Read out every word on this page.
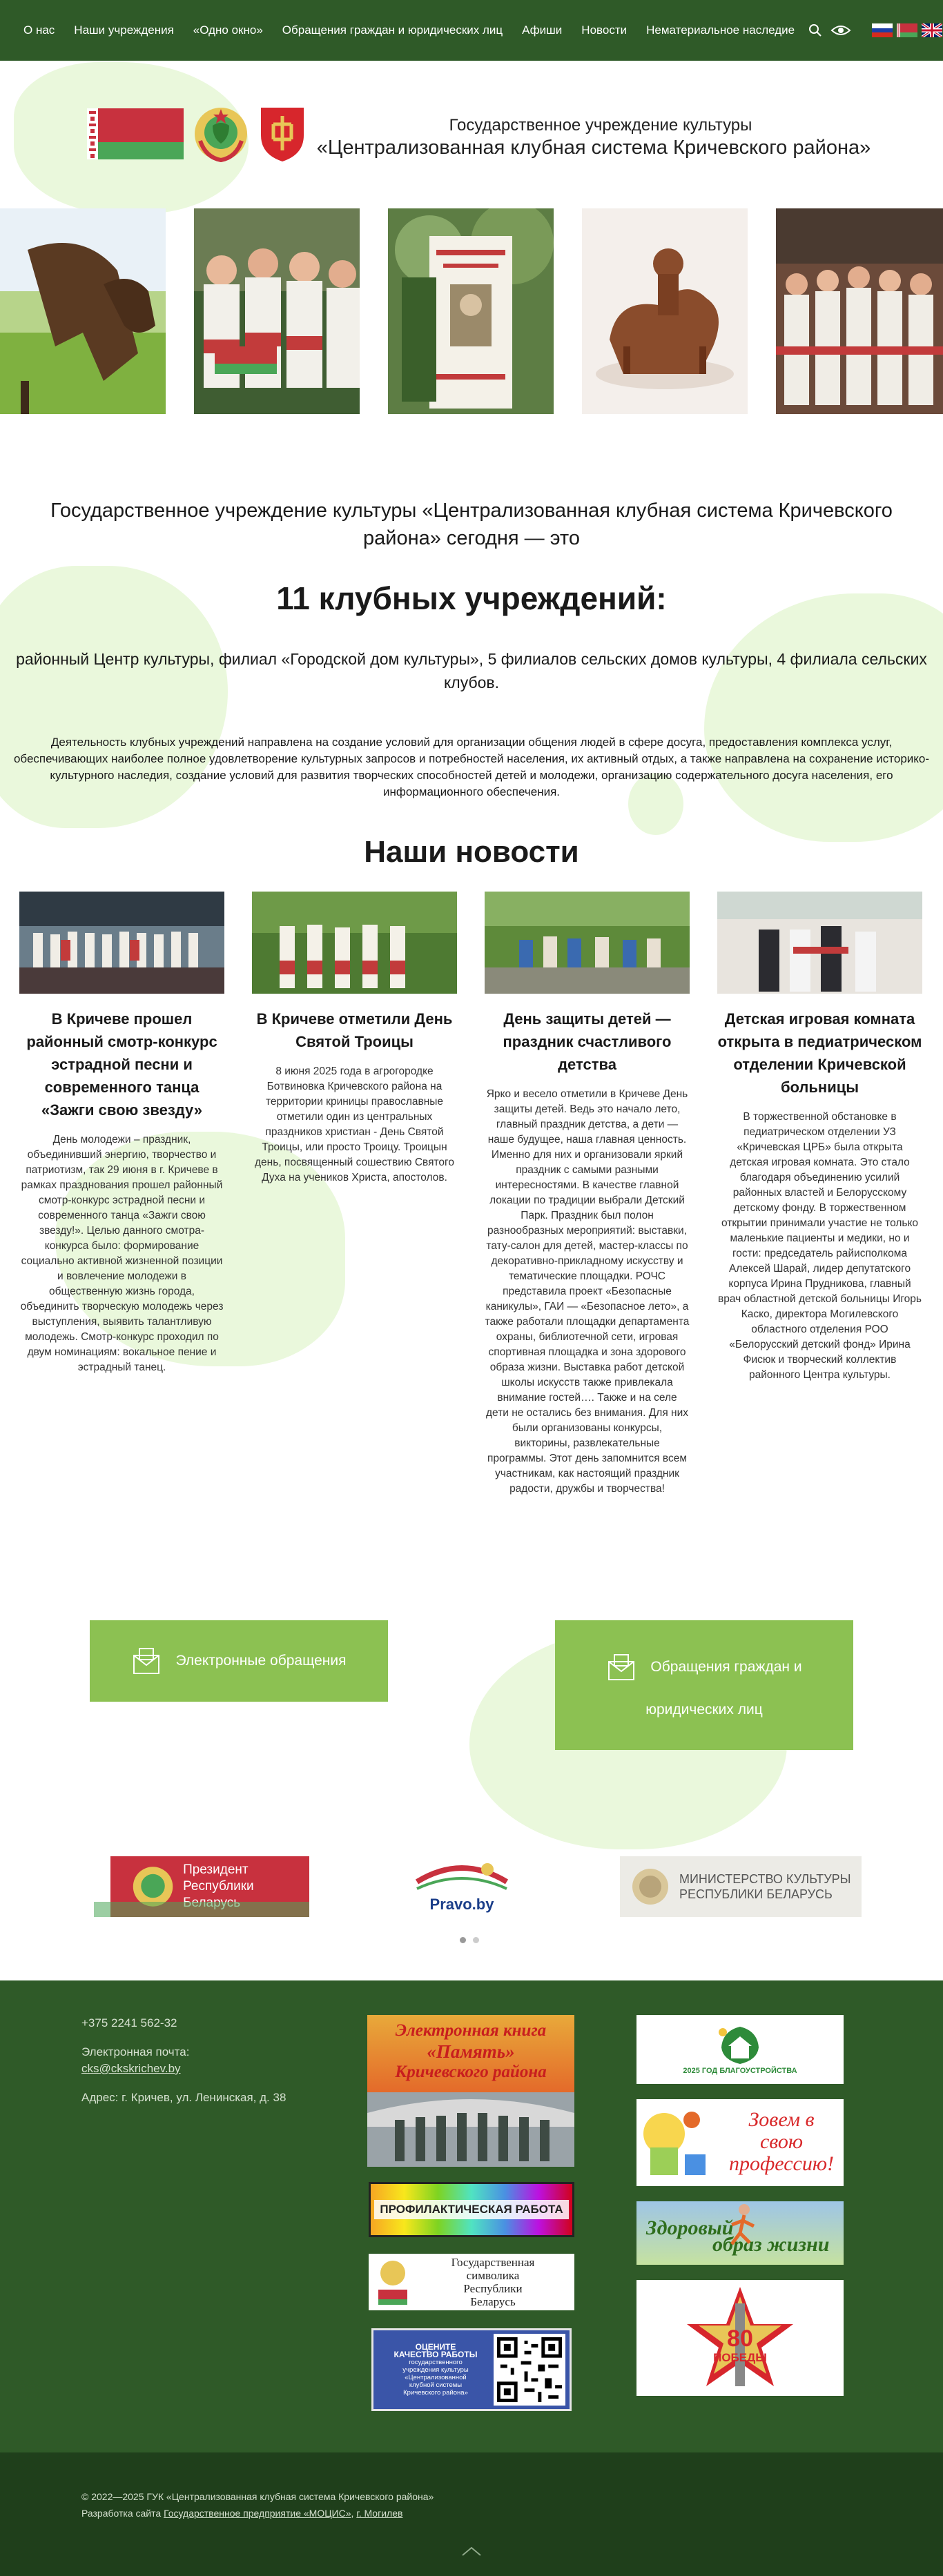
О нас Наши учреждения «Одно окно» Обращения граждан и юридических лиц Афиши Новости Нематериальное наследие
Государственное учреждение культуры
«Централизованная клубная система Кричевского района»

Государственное учреждение культуры «Централизованная клубная система Кричевского района» сегодня — это

11 клубных учреждений:

районный Центр культуры, филиал «Городской дом культуры», 5 филиалов сельских домов культуры, 4 филиала сельских клубов.

Деятельность клубных учреждений направлена на создание условий для организации общения людей в сфере досуга, предоставления комплекса услуг, обеспечивающих наиболее полное удовлетворение культурных запросов и потребностей населения, их активный отдых, а также направлена на сохранение историко-культурного наследия, создание условий для развития творческих способностей детей и молодежи, организацию содержательного досуга населения, его информационного обеспечения.

Наши новости
В Кричеве прошел районный смотр-конкурс эстрадной песни и современного танца «Зажги свою звезду»

День молодежи – праздник, объединивший энергию, творчество и патриотизм, так 29 июня в г. Кричеве в рамках празднования прошел районный смотр-конкурс эстрадной песни и современного танца «Зажги свою звезду!». Целью данного смотра-конкурса было: формирование социально активной жизненной позиции и вовлечение молодежи в общественную жизнь города, объединить творческую молодежь через выступления, выявить талантливую молодежь. Смотр-конкурс проходил по двум номинациям: вокальное пение и эстрадный танец.

В Кричеве отметили День Святой Троицы

8 июня 2025 года в агрогородке Ботвиновка Кричевского района на территории криницы православные отметили один из центральных праздников христиан - День Святой Троицы, или просто Троицу. Троицын день, посвященный сошествию Святого Духа на учеников Христа, апостолов.

День защиты детей — праздник счастливого детства

Ярко и весело отметили в Кричеве День защиты детей. Ведь это начало лето, главный праздник детства, а дети — наше будущее, наша главная ценность. Именно для них и организовали яркий праздник с самыми разными интересностями. В качестве главной локации по традиции выбрали Детский Парк. Праздник был полон разнообразных мероприятий: выставки, тату-салон для детей, мастер-классы по декоративно-прикладному искусству и тематические площадки. РОЧС представила проект «Безопасные каникулы», ГАИ — «Безопасное лето», а также работали площадки департамента охраны, библиотечной сети, игровая спортивная площадка и зона здорового образа жизни. Выставка работ детской школы искусств также привлекала внимание гостей…. Также и на селе дети не остались без внимания. Для них были организованы конкурсы, викторины, развлекательные программы. Этот день запомнится всем участникам, как настоящий праздник радости, дружбы и творчества!

Детская игровая комната открыта в педиатрическом отделении Кричевской больницы

В торжественной обстановке в педиатрическом отделении УЗ «Кричевская ЦРБ» была открыта детская игровая комната. Это стало благодаря объединению усилий районных властей и Белорусскому детскому фонду. В торжественном открытии принимали участие не только маленькие пациенты и медики, но и гости: председатель райисполкома Алексей Шарай, лидер депутатского корпуса Ирина Прудникова, главный врач областной детской больницы Игорь Каско, директора Могилевского областного отделения РОО «Белорусский детский фонд» Ирина Фисюк и творческий коллектив районного Центра культуры.

Электронные обращения	Обращения граждан и
юридических лиц
Президент
Республики
Pravo.by
МИНИСТЕРСТВО КУЛЬТУРЫ
РЕСПУБЛИКИ БЕЛАРУСЬ
+375 2241 562-32
Электронная почта:
cks@ckskrichev.by
Адрес: г. Кричев, ул. Ленинская, д. 38
Электронная книга
«Память»
Кричевского района
ПРОФИЛАКТИЧЕСКАЯ РАБОТА
Государственная
символика
Республики
Беларусь
ОЦЕНИТЕ
КАЧЕСТВО РАБОТЫ
государственного
учреждения культуры
«Централизованной
клубной системы
Кричевского района»
2025 ГОД БЛАГОУСТРОЙСТВА
Зовем в
свою
профессию!
Здоровый
образ жизни
80
ПОБЕДЫ
© 2022—2025 ГУК «Централизованная клубная система Кричевского района»
Разработка сайта Государственное предприятие «МОЦИС», г. Могилев
